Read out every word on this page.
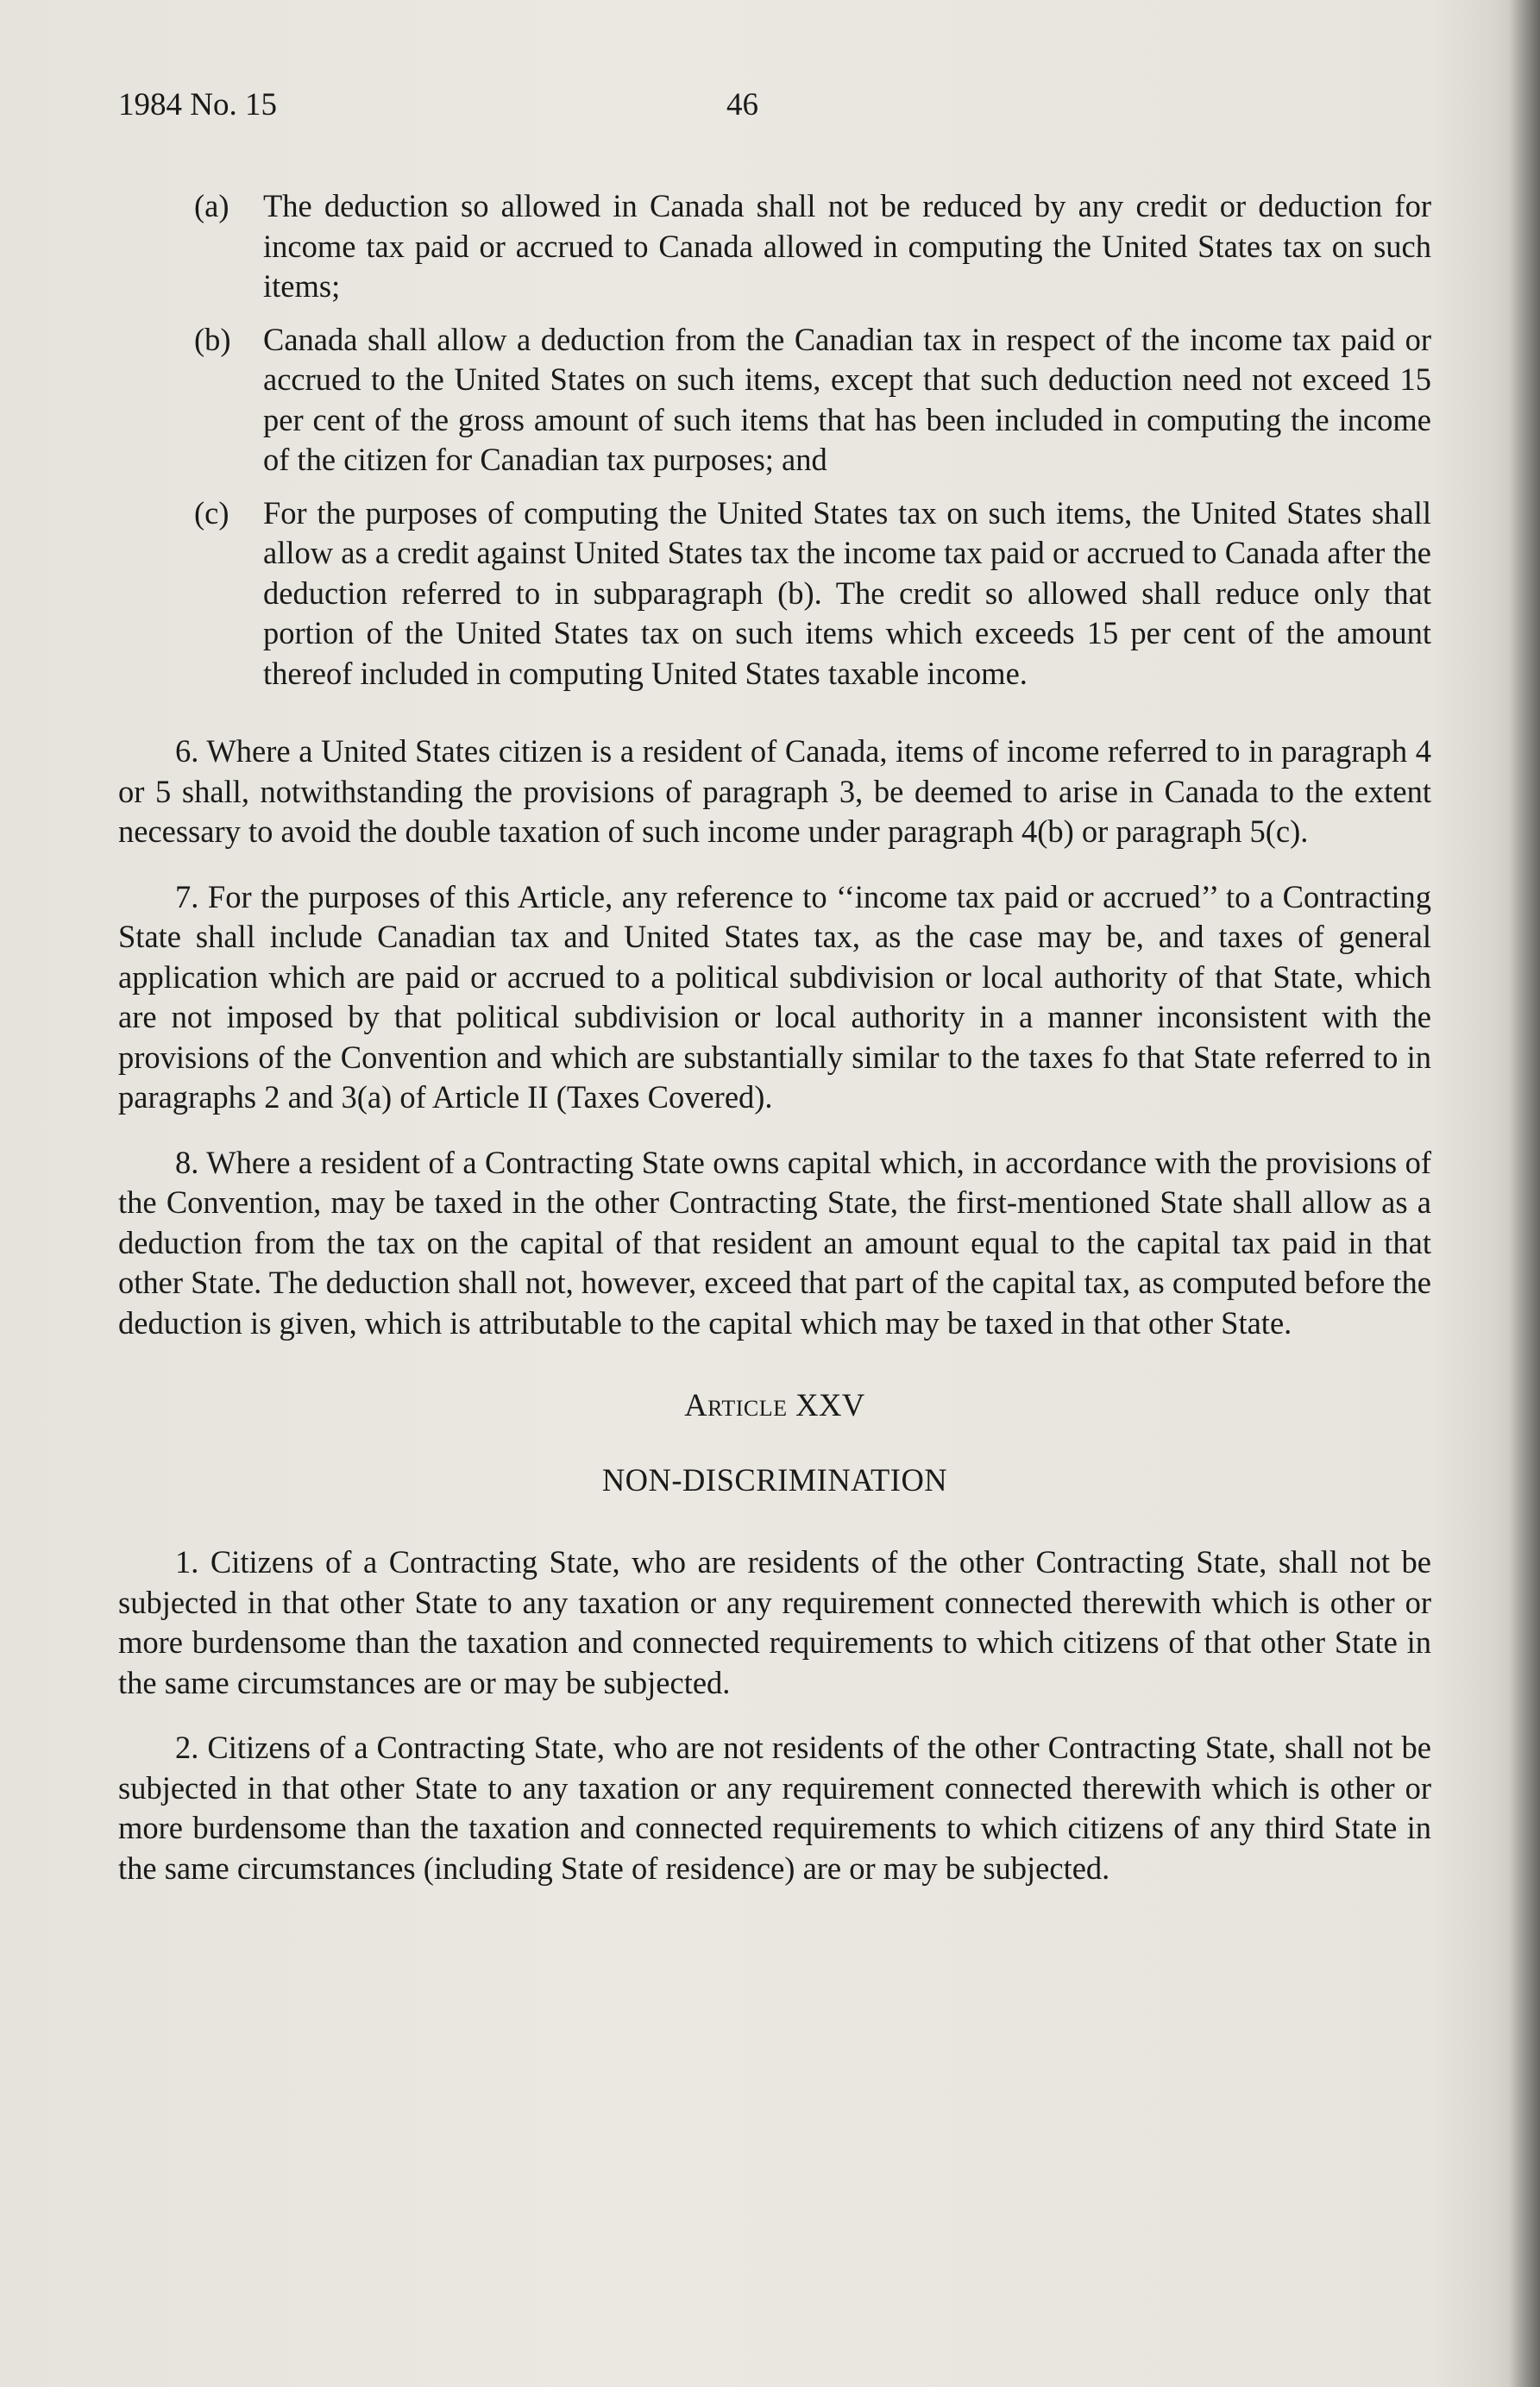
1984 No. 15	46
(a) The deduction so allowed in Canada shall not be reduced by any credit or deduction for income tax paid or accrued to Canada allowed in computing the United States tax on such items;
(b) Canada shall allow a deduction from the Canadian tax in respect of the income tax paid or accrued to the United States on such items, except that such deduction need not exceed 15 per cent of the gross amount of such items that has been included in computing the income of the citizen for Canadian tax purposes; and
(c) For the purposes of computing the United States tax on such items, the United States shall allow as a credit against United States tax the income tax paid or accrued to Canada after the deduction referred to in subparagraph (b). The credit so allowed shall reduce only that portion of the United States tax on such items which exceeds 15 per cent of the amount thereof included in computing United States taxable income.

6. Where a United States citizen is a resident of Canada, items of income referred to in paragraph 4 or 5 shall, notwithstanding the provisions of paragraph 3, be deemed to arise in Canada to the extent necessary to avoid the double taxation of such income under paragraph 4(b) or paragraph 5(c).

7. For the purposes of this Article, any reference to ‘‘income tax paid or accrued’’ to a Contracting State shall include Canadian tax and United States tax, as the case may be, and taxes of general application which are paid or accrued to a political subdivision or local authority of that State, which are not imposed by that political subdivision or local authority in a manner inconsistent with the provisions of the Convention and which are substantially similar to the taxes fo that State referred to in paragraphs 2 and 3(a) of Article II (Taxes Covered).

8. Where a resident of a Contracting State owns capital which, in accordance with the provisions of the Convention, may be taxed in the other Contracting State, the first-mentioned State shall allow as a deduction from the tax on the capital of that resident an amount equal to the capital tax paid in that other State. The deduction shall not, however, exceed that part of the capital tax, as computed before the deduction is given, which is attributable to the capital which may be taxed in that other State.

Article XXV

NON-DISCRIMINATION

1. Citizens of a Contracting State, who are residents of the other Contracting State, shall not be subjected in that other State to any taxation or any requirement connected therewith which is other or more burdensome than the taxation and connected requirements to which citizens of that other State in the same circumstances are or may be subjected.

2. Citizens of a Contracting State, who are not residents of the other Contracting State, shall not be subjected in that other State to any taxation or any requirement connected therewith which is other or more burdensome than the taxation and connected requirements to which citizens of any third State in the same circumstances (including State of residence) are or may be subjected.
